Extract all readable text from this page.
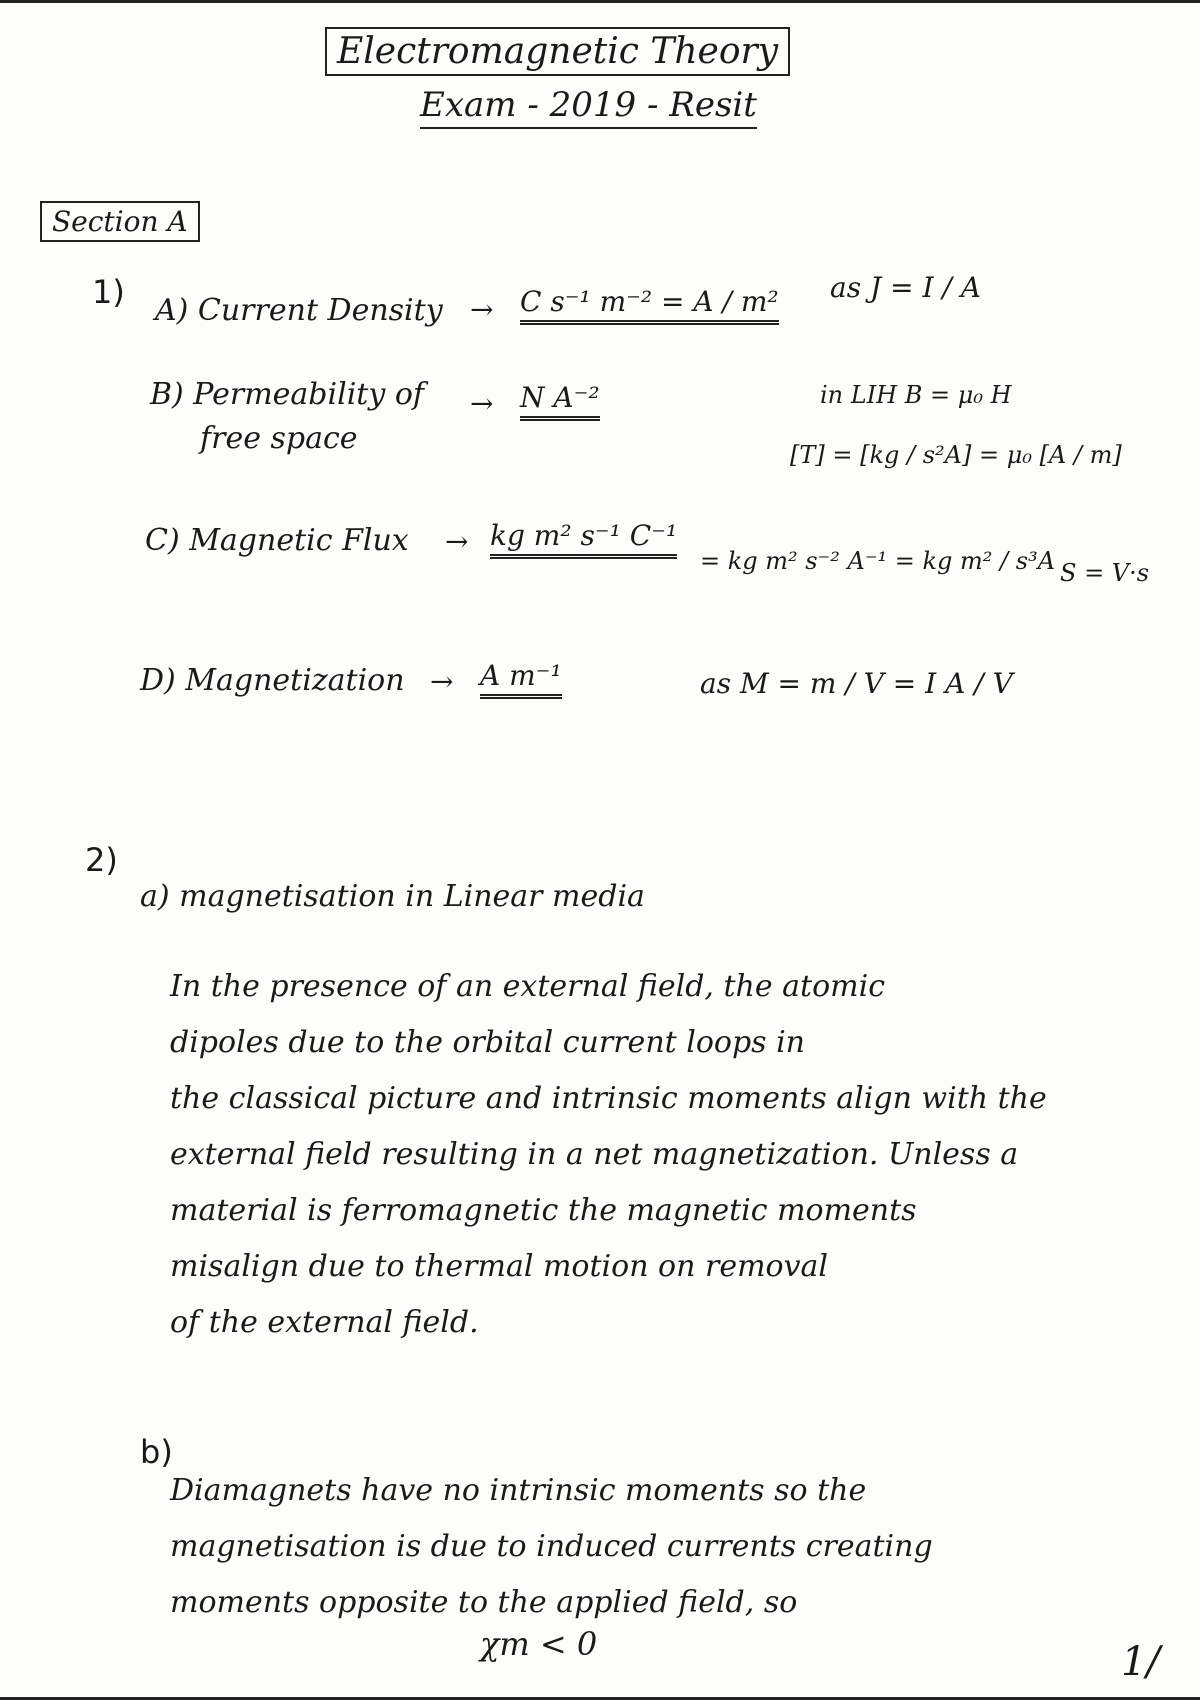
Electromagnetic Theory
Exam - 2019 - Resit
Section A
1) A) Current Density → C s⁻¹ m⁻² = A / m² as J = I / A
B) Permeability of
free space
→ N A⁻²	in LIH B = μ₀ H
[T] = [kg / s²A] = μ₀ [A / m]
C) Magnetic Flux → kg m² s⁻¹ C⁻¹
= kg m² s⁻² A⁻¹ = kg m² / s³A S = V·s
D) Magnetization → A m⁻¹	as M = m / V = I A / V
2)
a) magnetisation in Linear media
In the presence of an external field, the atomic
dipoles due to the orbital current loops in
the classical picture and intrinsic moments align with the
external field resulting in a net magnetization. Unless a
material is ferromagnetic the magnetic moments
misalign due to thermal motion on removal
of the external field.
b)
Diamagnets have no intrinsic moments so the
magnetisation is due to induced currents creating
moments opposite to the applied field, so
χm < 0	1/
